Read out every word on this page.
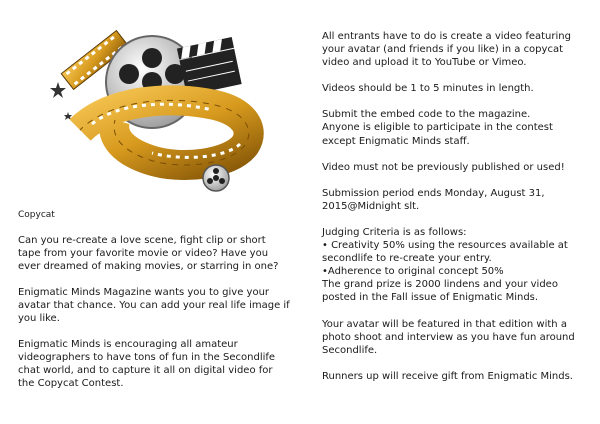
Copycat

Can you re-create a love scene, fight clip or short tape from your favorite movie or video? Have you ever dreamed of making movies, or starring in one?

Enigmatic Minds Magazine wants you to give your avatar that chance. You can add your real life image if you like.

Enigmatic Minds is encouraging all amateur videographers to have tons of fun in the Secondlife chat world, and to capture it all on digital video for the Copycat Contest.

All entrants have to do is create a video featuring your avatar (and friends if you like) in a copycat video and upload it to YouTube or Vimeo.

Videos should be 1 to 5 minutes in length.

Submit the embed code to the magazine.
Anyone is eligible to participate in the contest except Enigmatic Minds staff.

Video must not be previously published or used!

Submission period ends Monday, August 31, 2015@Midnight slt.

Judging Criteria is as follows:
• Creativity 50% using the resources available at secondlife to re-create your entry.
•Adherence to original concept 50%
The grand prize is 2000 lindens and your video posted in the Fall issue of Enigmatic Minds.

Your avatar will be featured in that edition with a photo shoot and interview as you have fun around Secondlife.

Runners up will receive gift from Enigmatic Minds.
